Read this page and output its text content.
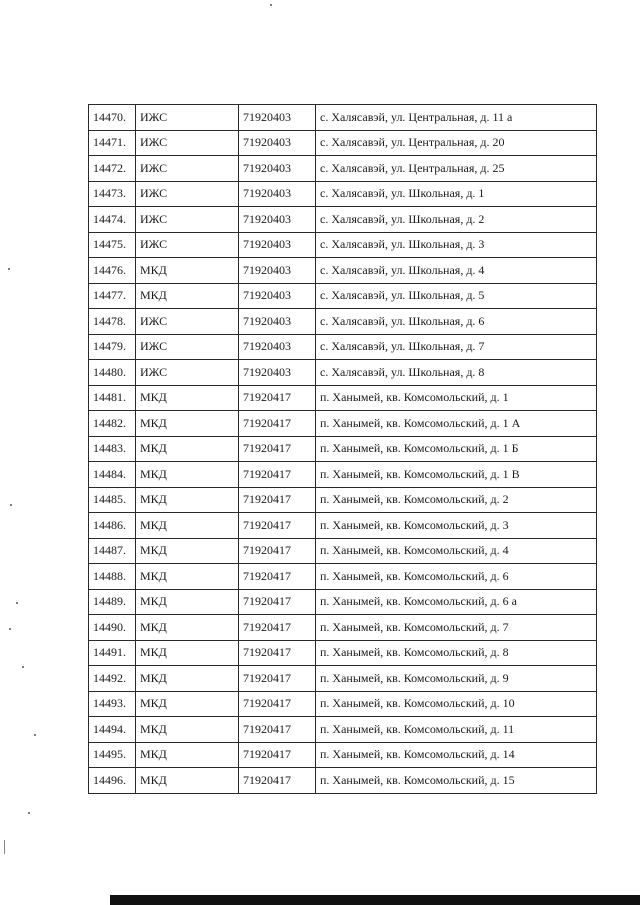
14470.	ИЖС	71920403	с. Халясавэй, ул. Центральная, д. 11 а
14471.	ИЖС	71920403	с. Халясавэй, ул. Центральная, д. 20
14472.	ИЖС	71920403	с. Халясавэй, ул. Центральная, д. 25
14473.	ИЖС	71920403	с. Халясавэй, ул. Школьная, д. 1
14474.	ИЖС	71920403	с. Халясавэй, ул. Школьная, д. 2
14475.	ИЖС	71920403	с. Халясавэй, ул. Школьная, д. 3
14476.	МКД	71920403	с. Халясавэй, ул. Школьная, д. 4
14477.	МКД	71920403	с. Халясавэй, ул. Школьная, д. 5
14478.	ИЖС	71920403	с. Халясавэй, ул. Школьная, д. 6
14479.	ИЖС	71920403	с. Халясавэй, ул. Школьная, д. 7
14480.	ИЖС	71920403	с. Халясавэй, ул. Школьная, д. 8
14481.	МКД	71920417	п. Ханымей, кв. Комсомольский, д. 1
14482.	МКД	71920417	п. Ханымей, кв. Комсомольский, д. 1 А
14483.	МКД	71920417	п. Ханымей, кв. Комсомольский, д. 1 Б
14484.	МКД	71920417	п. Ханымей, кв. Комсомольский, д. 1 В
14485.	МКД	71920417	п. Ханымей, кв. Комсомольский, д. 2
14486.	МКД	71920417	п. Ханымей, кв. Комсомольский, д. 3
14487.	МКД	71920417	п. Ханымей, кв. Комсомольский, д. 4
14488.	МКД	71920417	п. Ханымей, кв. Комсомольский, д. 6
14489.	МКД	71920417	п. Ханымей, кв. Комсомольский, д. 6 а
14490.	МКД	71920417	п. Ханымей, кв. Комсомольский, д. 7
14491.	МКД	71920417	п. Ханымей, кв. Комсомольский, д. 8
14492.	МКД	71920417	п. Ханымей, кв. Комсомольский, д. 9
14493.	МКД	71920417	п. Ханымей, кв. Комсомольский, д. 10
14494.	МКД	71920417	п. Ханымей, кв. Комсомольский, д. 11
14495.	МКД	71920417	п. Ханымей, кв. Комсомольский, д. 14
14496.	МКД	71920417	п. Ханымей, кв. Комсомольский, д. 15
